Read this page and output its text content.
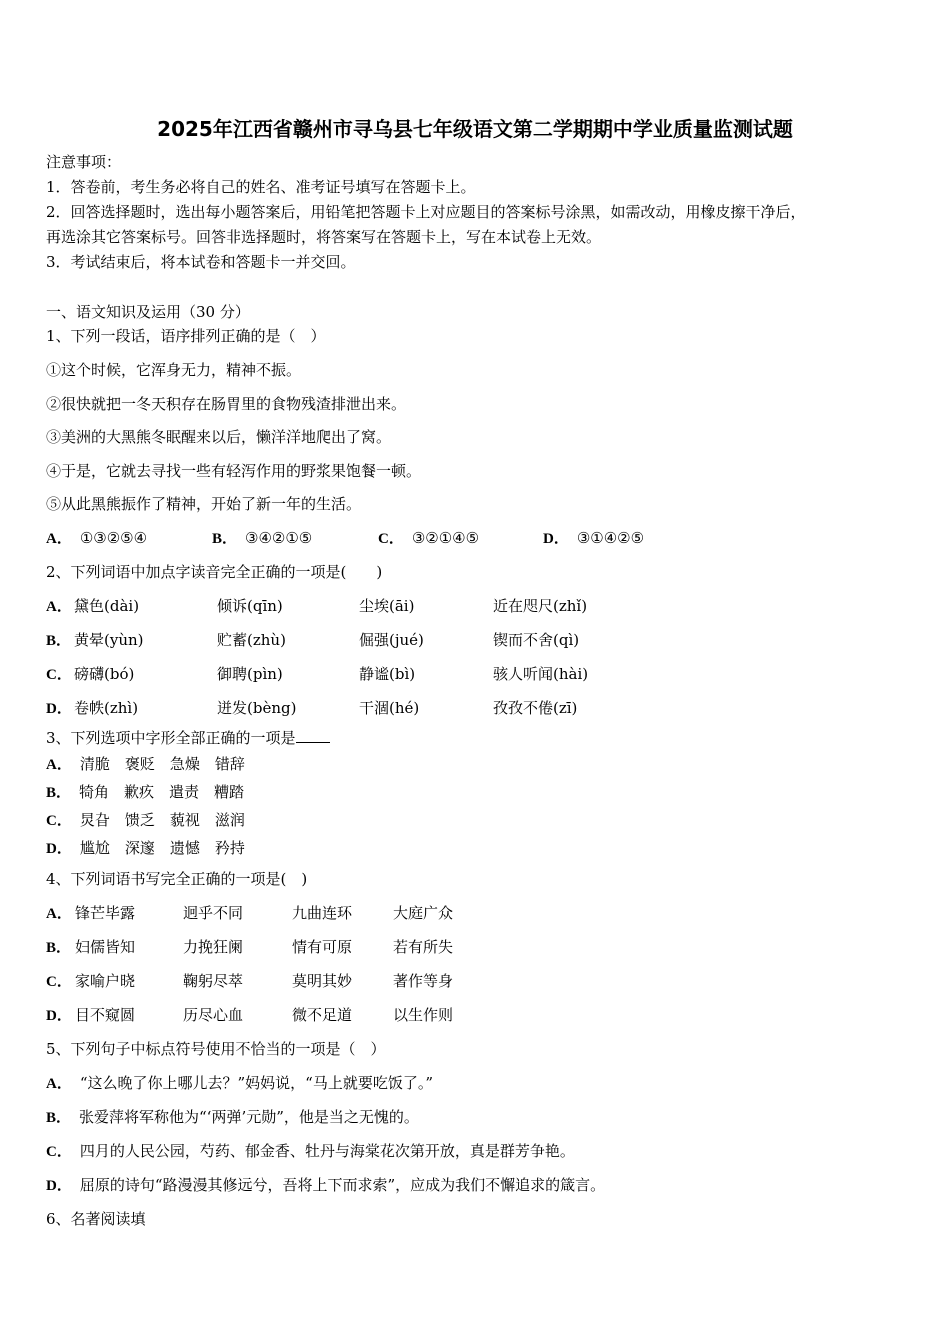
2025年江西省赣州市寻乌县七年级语文第二学期期中学业质量监测试题
注意事项：
1．答卷前，考生务必将自己的姓名、准考证号填写在答题卡上。
2．回答选择题时，选出每小题答案后，用铅笔把答题卡上对应题目的答案标号涂黑，如需改动，用橡皮擦干净后，
再选涂其它答案标号。回答非选择题时，将答案写在答题卡上，写在本试卷上无效。
3．考试结束后，将本试卷和答题卡一并交回。
一、语文知识及运用（30 分）
1、下列一段话，语序排列正确的是（　）
①这个时候，它浑身无力，精神不振。
②很快就把一冬天积存在肠胃里的食物残渣排泄出来。
③美洲的大黑熊冬眠醒来以后，懒洋洋地爬出了窝。
④于是，它就去寻找一些有轻泻作用的野浆果饱餐一顿。
⑤从此黑熊振作了精神，开始了新一年的生活。
A． ①③②⑤④	B． ③④②①⑤	C． ③②①④⑤	D． ③①④②⑤
2、下列词语中加点字读音完全正确的一项是(　　)
A． 黛色(dài)	倾诉(qīn)	尘埃(āi)	近在咫尺(zhǐ)
B． 黄晕(yùn)	贮蓄(zhù)	倔强(jué)	锲而不舍(qì)
C． 磅礴(bó)	御聘(pìn)	静谧(bì)	骇人听闻(hài)
D． 卷帙(zhì)	迸发(bèng)	干涸(hé)	孜孜不倦(zī)
3、下列选项中字形全部正确的一项是
A． 清脆　褒贬　急燥　错辞
B． 犄角　歉疚　遣责　糟踏
C． 炅旮　馈乏　藐视　滋润
D． 尴尬　深邃　遗憾　矜持
4、下列词语书写完全正确的一项是(　)
A． 锋芒毕露	迥乎不同	九曲连环	大庭广众
B． 妇儒皆知	力挽狂阑	情有可原	若有所失
C． 家喻户晓	鞠躬尽萃	莫明其妙	著作等身
D． 目不窥圆	历尽心血	微不足道	以生作则
5、下列句子中标点符号使用不恰当的一项是（　）
A． “这么晚了你上哪儿去？”妈妈说，“马上就要吃饭了。”
B． 张爱萍将军称他为“‘两弹’元勋”，他是当之无愧的。
C． 四月的人民公园，芍药、郁金香、牡丹与海棠花次第开放，真是群芳争艳。
D． 屈原的诗句“路漫漫其修远兮，吾将上下而求索”，应成为我们不懈追求的箴言。
6、名著阅读填
